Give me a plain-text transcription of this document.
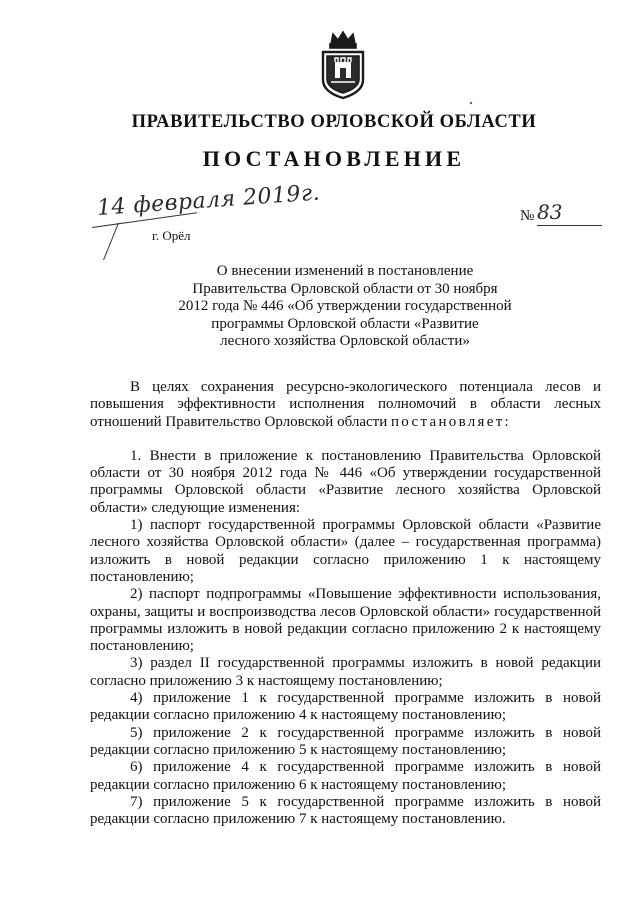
ПРАВИТЕЛЬСТВО ОРЛОВСКОЙ ОБЛАСТИ
ПОСТАНОВЛЕНИЕ
14 февраля 2019г.
г. Орёл
№ 83
О внесении изменений в постановление
Правительства Орловской области от 30 ноября
2012 года № 446 «Об утверждении государственной
программы Орловской области «Развитие
лесного хозяйства Орловской области»

В целях сохранения ресурсно-экологического потенциала лесов и повышения эффективности исполнения полномочий в области лесных отношений Правительство Орловской области постановляет:

1. Внести в приложение к постановлению Правительства Орловской области от 30 ноября 2012 года № 446 «Об утверждении государственной программы Орловской области «Развитие лесного хозяйства Орловской области» следующие изменения:

1) паспорт государственной программы Орловской области «Развитие лесного хозяйства Орловской области» (далее – государственная программа) изложить в новой редакции согласно приложению 1 к настоящему постановлению;

2) паспорт подпрограммы «Повышение эффективности использования, охраны, защиты и воспроизводства лесов Орловской области» государственной программы изложить в новой редакции согласно приложению 2 к настоящему постановлению;

3) раздел II государственной программы изложить в новой редакции согласно приложению 3 к настоящему постановлению;

4) приложение 1 к государственной программе изложить в новой редакции согласно приложению 4 к настоящему постановлению;

5) приложение 2 к государственной программе изложить в новой редакции согласно приложению 5 к настоящему постановлению;

6) приложение 4 к государственной программе изложить в новой редакции согласно приложению 6 к настоящему постановлению;

7) приложение 5 к государственной программе изложить в новой редакции согласно приложению 7 к настоящему постановлению.
